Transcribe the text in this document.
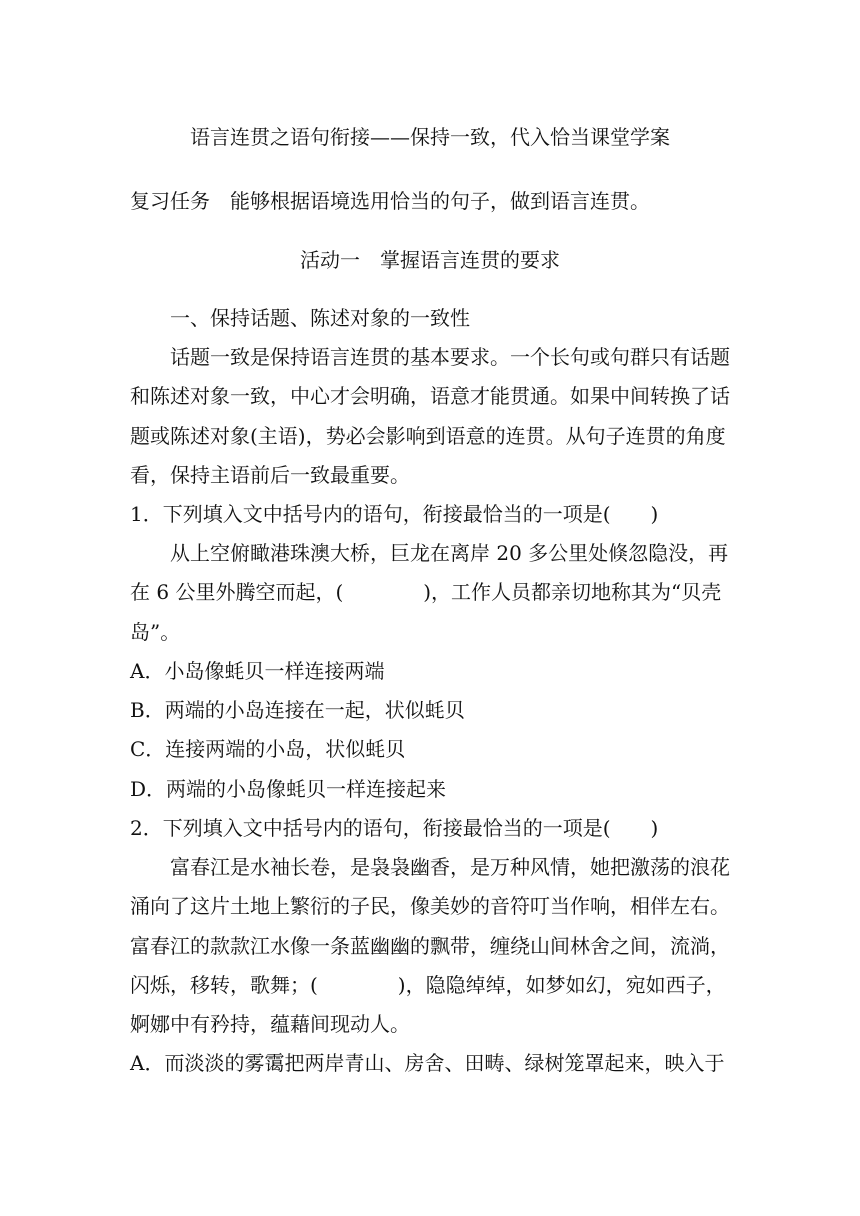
语言连贯之语句衔接——保持一致，代入恰当课堂学案
复习任务　能够根据语境选用恰当的句子，做到语言连贯。
活动一　掌握语言连贯的要求
一、保持话题、陈述对象的一致性
话题一致是保持语言连贯的基本要求。一个长句或句群只有话题
和陈述对象一致，中心才会明确，语意才能贯通。如果中间转换了话
题或陈述对象(主语)，势必会影响到语意的连贯。从句子连贯的角度
看，保持主语前后一致最重要。
1．下列填入文中括号内的语句，衔接最恰当的一项是(　　)
从上空俯瞰港珠澳大桥，巨龙在离岸 20 多公里处倏忽隐没，再
在 6 公里外腾空而起，(　　　　)，工作人员都亲切地称其为“贝壳
岛”。
A．小岛像蚝贝一样连接两端
B．两端的小岛连接在一起，状似蚝贝
C．连接两端的小岛，状似蚝贝
D．两端的小岛像蚝贝一样连接起来
2．下列填入文中括号内的语句，衔接最恰当的一项是(　　)
富春江是水袖长卷，是袅袅幽香，是万种风情，她把激荡的浪花
涌向了这片土地上繁衍的子民，像美妙的音符叮当作响，相伴左右。
富春江的款款江水像一条蓝幽幽的飘带，缠绕山间林舍之间，流淌，
闪烁，移转，歌舞；(　　　　)，隐隐绰绰，如梦如幻，宛如西子，
婀娜中有矜持，蕴藉间现动人。
A．而淡淡的雾霭把两岸青山、房舍、田畴、绿树笼罩起来，映入于
